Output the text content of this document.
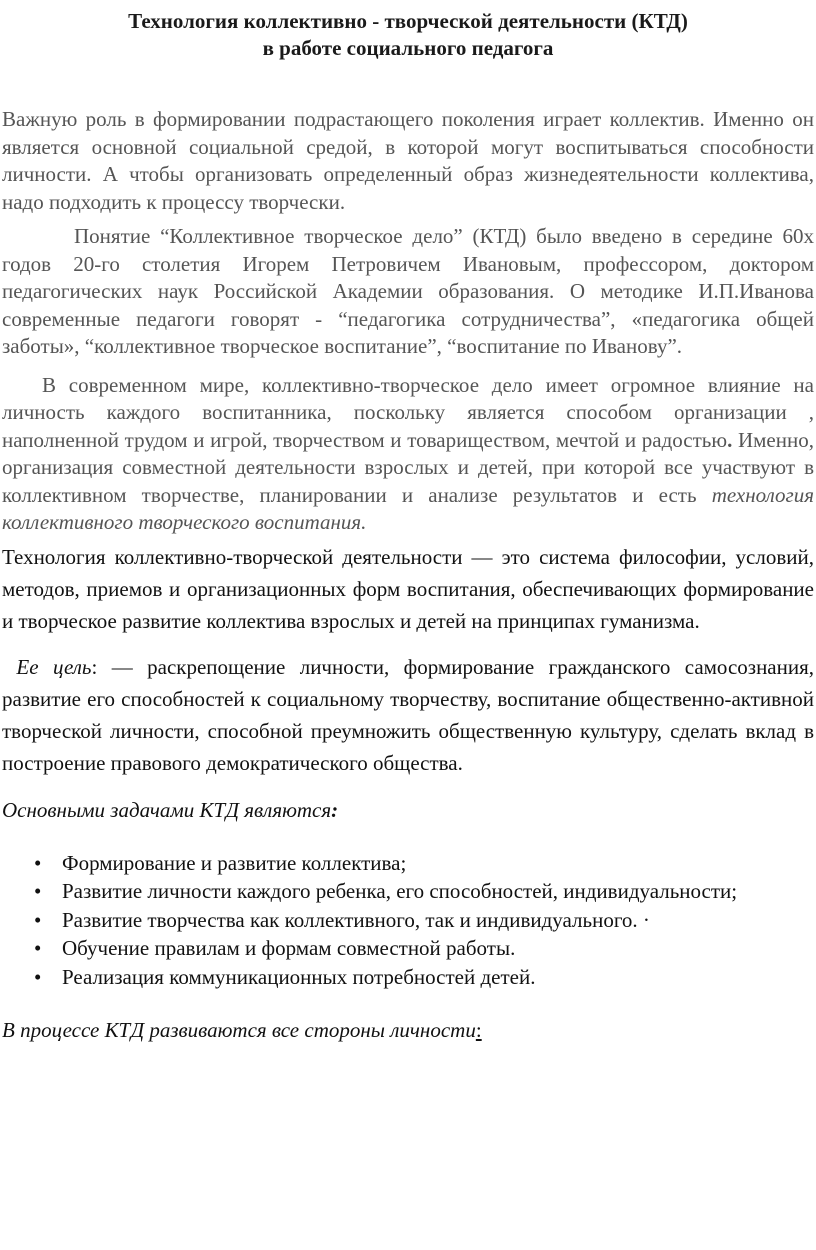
Технология коллективно - творческой деятельности (КТД)
в работе социального педагога

Важную роль в формировании подрастающего поколения играет коллектив. Именно он является основной социальной средой, в которой могут воспитываться способности личности. А чтобы организовать определенный образ жизнедеятельности коллектива, надо подходить к процессу творчески.

Понятие “Коллективное творческое дело” (КТД) было введено в середине 60х годов 20-го столетия Игорем Петровичем Ивановым, профессором, доктором педагогических наук Российской Академии образования. О методике И.П.Иванова современные педагоги говорят - “педагогика сотрудничества”, «педагогика общей заботы», “коллективное творческое воспитание”, “воспитание по Иванову”.

В современном мире, коллективно-творческое дело имеет огромное влияние на личность каждого воспитанника, поскольку является способом организации , наполненной трудом и игрой, творчеством и товариществом, мечтой и радостью. Именно, организация совместной деятельности взрослых и детей, при которой все участвуют в коллективном творчестве, планировании и анализе результатов и есть технология коллективного творческого воспитания.

Технология коллективно-творческой деятельности — это система философии, условий, методов, приемов и организационных форм воспитания, обеспечивающих формирование и творческое развитие коллектива взрослых и детей на принципах гуманизма.

Ее цель: — раскрепощение личности, формирование гражданского самосознания, развитие его способностей к социальному творчеству, воспитание общественно-активной творческой личности, способной преумножить общественную культуру, сделать вклад в построение правового демократического общества.

Основными задачами КТД являются:

• Формирование и развитие коллектива;
• Развитие личности каждого ребенка, его способностей, индивидуальности;
• Развитие творчества как коллективного, так и индивидуального. ·
• Обучение правилам и формам совместной работы.
• Реализация коммуникационных потребностей детей.

В процессе КТД развиваются все стороны личности:
